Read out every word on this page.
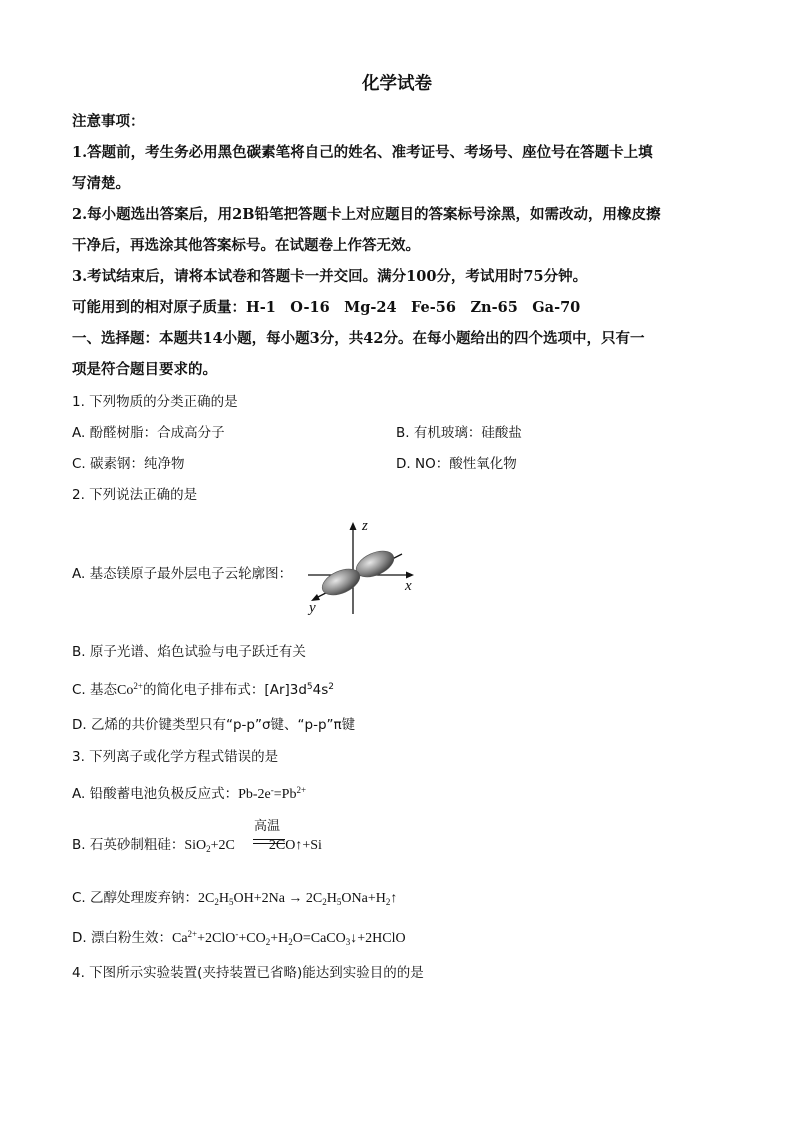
化学试卷
注意事项：
1.答题前，考生务必用黑色碳素笔将自己的姓名、准考证号、考场号、座位号在答题卡上填
写清楚。
2.每小题选出答案后，用2B铅笔把答题卡上对应题目的答案标号涂黑，如需改动，用橡皮擦
干净后，再选涂其他答案标号。在试题卷上作答无效。
3.考试结束后，请将本试卷和答题卡一并交回。满分100分，考试用时75分钟。
可能用到的相对原子质量：H-1　O-16　Mg-24　Fe-56　Zn-65　Ga-70
一、选择题：本题共14小题，每小题3分，共42分。在每小题给出的四个选项中，只有一
项是符合题目要求的。
1. 下列物质的分类正确的是
A. 酚醛树脂：合成高分子	B. 有机玻璃：硅酸盐
C. 碳素钢：纯净物	D. NO：酸性氧化物
2. 下列说法正确的是
A. 基态镁原子最外层电子云轮廓图：
z
x
y
B. 原子光谱、焰色试验与电子跃迁有关
C. 基态$Co^{2+}$的简化电子排布式：$[Ar]3d^54s^2$
D. 乙烯的共价键类型只有“p-p”σ键、“p-p”π键
3. 下列离子或化学方程式错误的是
A. 铅酸蓄电池负极反应式：$Pb-2e^-=Pb^{2+}$
B. 石英砂制粗硅：SiO$_2$+2C 2CO↑+Si
高温
C. 乙醇处理废弃钠：$2C_2H_5OH+2Na$ → $2C_2H_5ONa+H_2↑$
D. 漂白粉生效：$Ca^{2+}+2ClO^-+CO_2+H_2O=CaCO_3↓+2HClO$
4. 下图所示实验装置(夹持装置已省略)能达到实验目的的是
